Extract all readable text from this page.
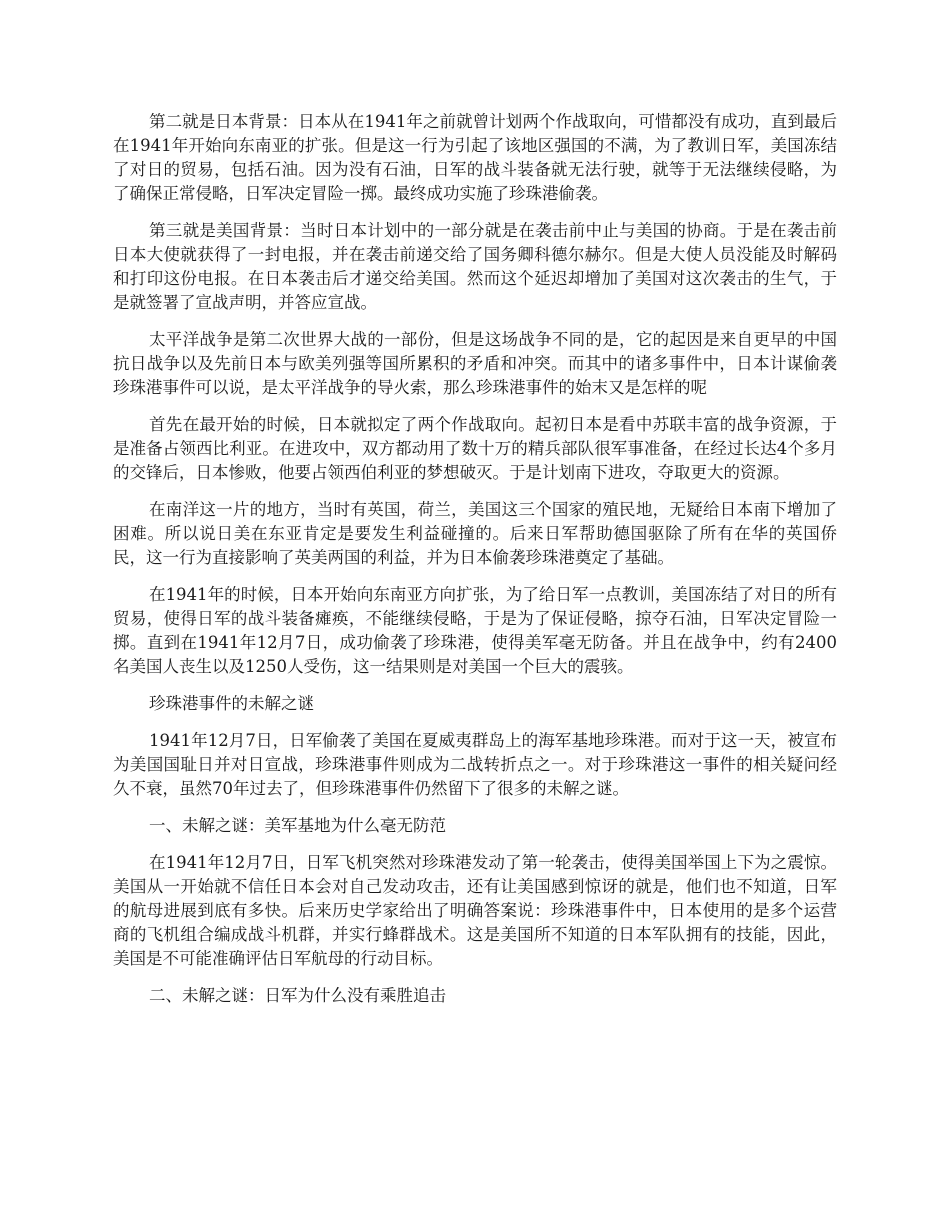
第二就是日本背景：日本从在1941年之前就曾计划两个作战取向，可惜都没有成功，直到最后在1941年开始向东南亚的扩张。但是这一行为引起了该地区强国的不满，为了教训日军，美国冻结了对日的贸易，包括石油。因为没有石油，日军的战斗装备就无法行驶，就等于无法继续侵略，为了确保正常侵略，日军决定冒险一掷。最终成功实施了珍珠港偷袭。

第三就是美国背景：当时日本计划中的一部分就是在袭击前中止与美国的协商。于是在袭击前日本大使就获得了一封电报，并在袭击前递交给了国务卿科德尔赫尔。但是大使人员没能及时解码和打印这份电报。在日本袭击后才递交给美国。然而这个延迟却增加了美国对这次袭击的生气，于是就签署了宣战声明，并答应宣战。

太平洋战争是第二次世界大战的一部份，但是这场战争不同的是，它的起因是来自更早的中国抗日战争以及先前日本与欧美列强等国所累积的矛盾和冲突。而其中的诸多事件中，日本计谋偷袭珍珠港事件可以说，是太平洋战争的导火索，那么珍珠港事件的始末又是怎样的呢

首先在最开始的时候，日本就拟定了两个作战取向。起初日本是看中苏联丰富的战争资源，于是准备占领西比利亚。在进攻中，双方都动用了数十万的精兵部队很军事准备，在经过长达4个多月的交锋后，日本惨败，他要占领西伯利亚的梦想破灭。于是计划南下进攻，夺取更大的资源。

在南洋这一片的地方，当时有英国，荷兰，美国这三个国家的殖民地，无疑给日本南下增加了困难。所以说日美在东亚肯定是要发生利益碰撞的。后来日军帮助德国驱除了所有在华的英国侨民，这一行为直接影响了英美两国的利益，并为日本偷袭珍珠港奠定了基础。

在1941年的时候，日本开始向东南亚方向扩张，为了给日军一点教训，美国冻结了对日的所有贸易，使得日军的战斗装备瘫痪，不能继续侵略，于是为了保证侵略，掠夺石油，日军决定冒险一掷。直到在1941年12月7日，成功偷袭了珍珠港，使得美军毫无防备。并且在战争中，约有2400名美国人丧生以及1250人受伤，这一结果则是对美国一个巨大的震骇。

珍珠港事件的未解之谜

1941年12月7日，日军偷袭了美国在夏威夷群岛上的海军基地珍珠港。而对于这一天，被宣布为美国国耻日并对日宣战，珍珠港事件则成为二战转折点之一。对于珍珠港这一事件的相关疑问经久不衰，虽然70年过去了，但珍珠港事件仍然留下了很多的未解之谜。

一、未解之谜：美军基地为什么毫无防范

在1941年12月7日，日军飞机突然对珍珠港发动了第一轮袭击，使得美国举国上下为之震惊。美国从一开始就不信任日本会对自己发动攻击，还有让美国感到惊讶的就是，他们也不知道，日军的航母进展到底有多快。后来历史学家给出了明确答案说：珍珠港事件中，日本使用的是多个运营商的飞机组合编成战斗机群，并实行蜂群战术。这是美国所不知道的日本军队拥有的技能，因此，美国是不可能准确评估日军航母的行动目标。

二、未解之谜：日军为什么没有乘胜追击
